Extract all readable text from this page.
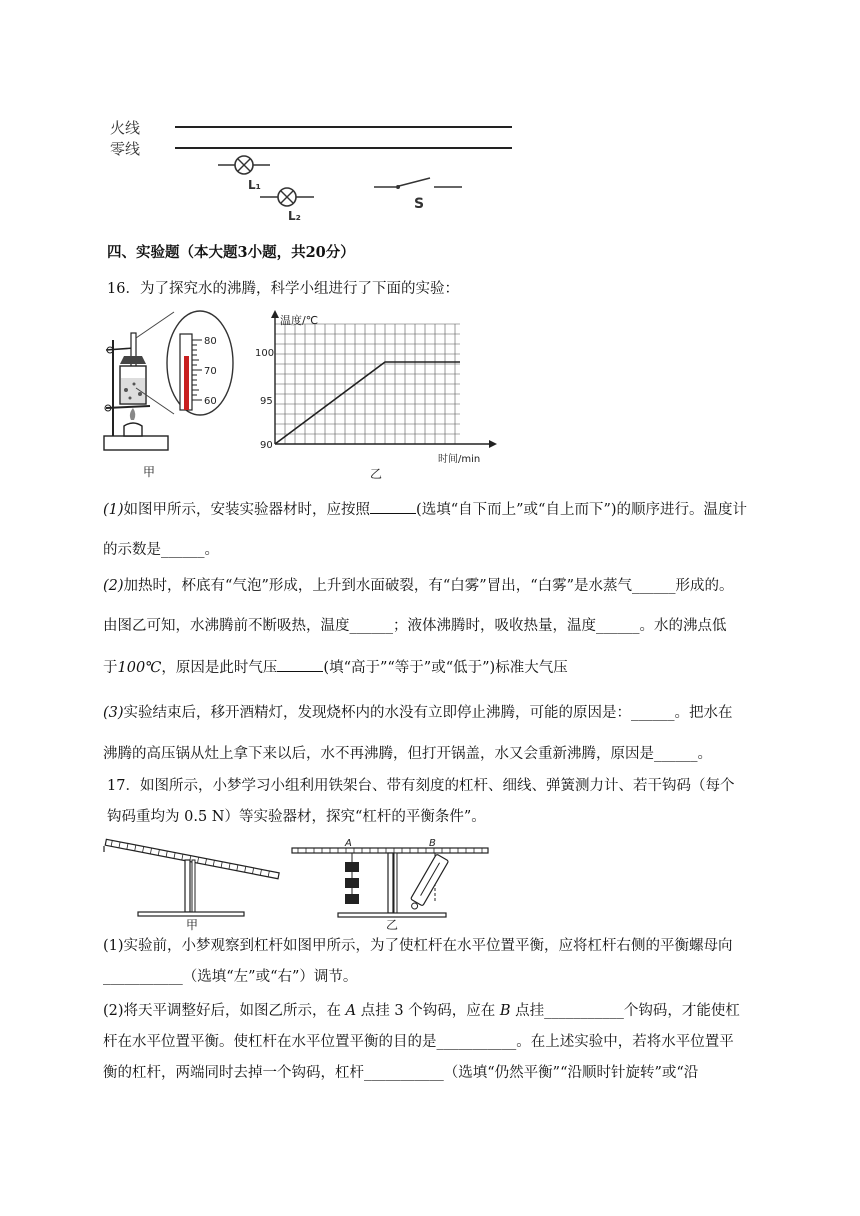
火线
零线
L₁
L₂
S
四、实验题（本大题3小题，共20分）
16．为了探究水的沸腾，科学小组进行了下面的实验：
80
70
60
甲
温度/℃
100
95
90
时间/min
乙
(1)如图甲所示，安装实验器材时，应按照	(选填“自下而上”或“自上而下”)的顺序进行。温度计
的示数是______。
(2)加热时，杯底有“气泡”形成，上升到水面破裂，有“白雾”冒出，“白雾”是水蒸气______形成的。
由图乙可知，水沸腾前不断吸热，温度______；液体沸腾时，吸收热量，温度______。水的沸点低
于100℃，原因是此时气压	(填“高于”“等于”或“低于”)标准大气压
(3)实验结束后，移开酒精灯，发现烧杯内的水没有立即停止沸腾，可能的原因是：______。把水在
沸腾的高压锅从灶上拿下来以后，水不再沸腾，但打开锅盖，水又会重新沸腾，原因是______。
17．如图所示，小梦学习小组利用铁架台、带有刻度的杠杆、细线、弹簧测力计、若干钩码（每个
钩码重均为 0.5 N）等实验器材，探究“杠杆的平衡条件”。
甲
A	B
乙
(1)实验前，小梦观察到杠杆如图甲所示，为了使杠杆在水平位置平衡，应将杠杆右侧的平衡螺母向
___________（选填“左”或“右”）调节。
(2)将天平调整好后，如图乙所示，在 A 点挂 3 个钩码，应在 B 点挂___________个钩码，才能使杠
杆在水平位置平衡。使杠杆在水平位置平衡的目的是___________。在上述实验中，若将水平位置平
衡的杠杆，两端同时去掉一个钩码，杠杆___________（选填“仍然平衡”“沿顺时针旋转”或“沿
